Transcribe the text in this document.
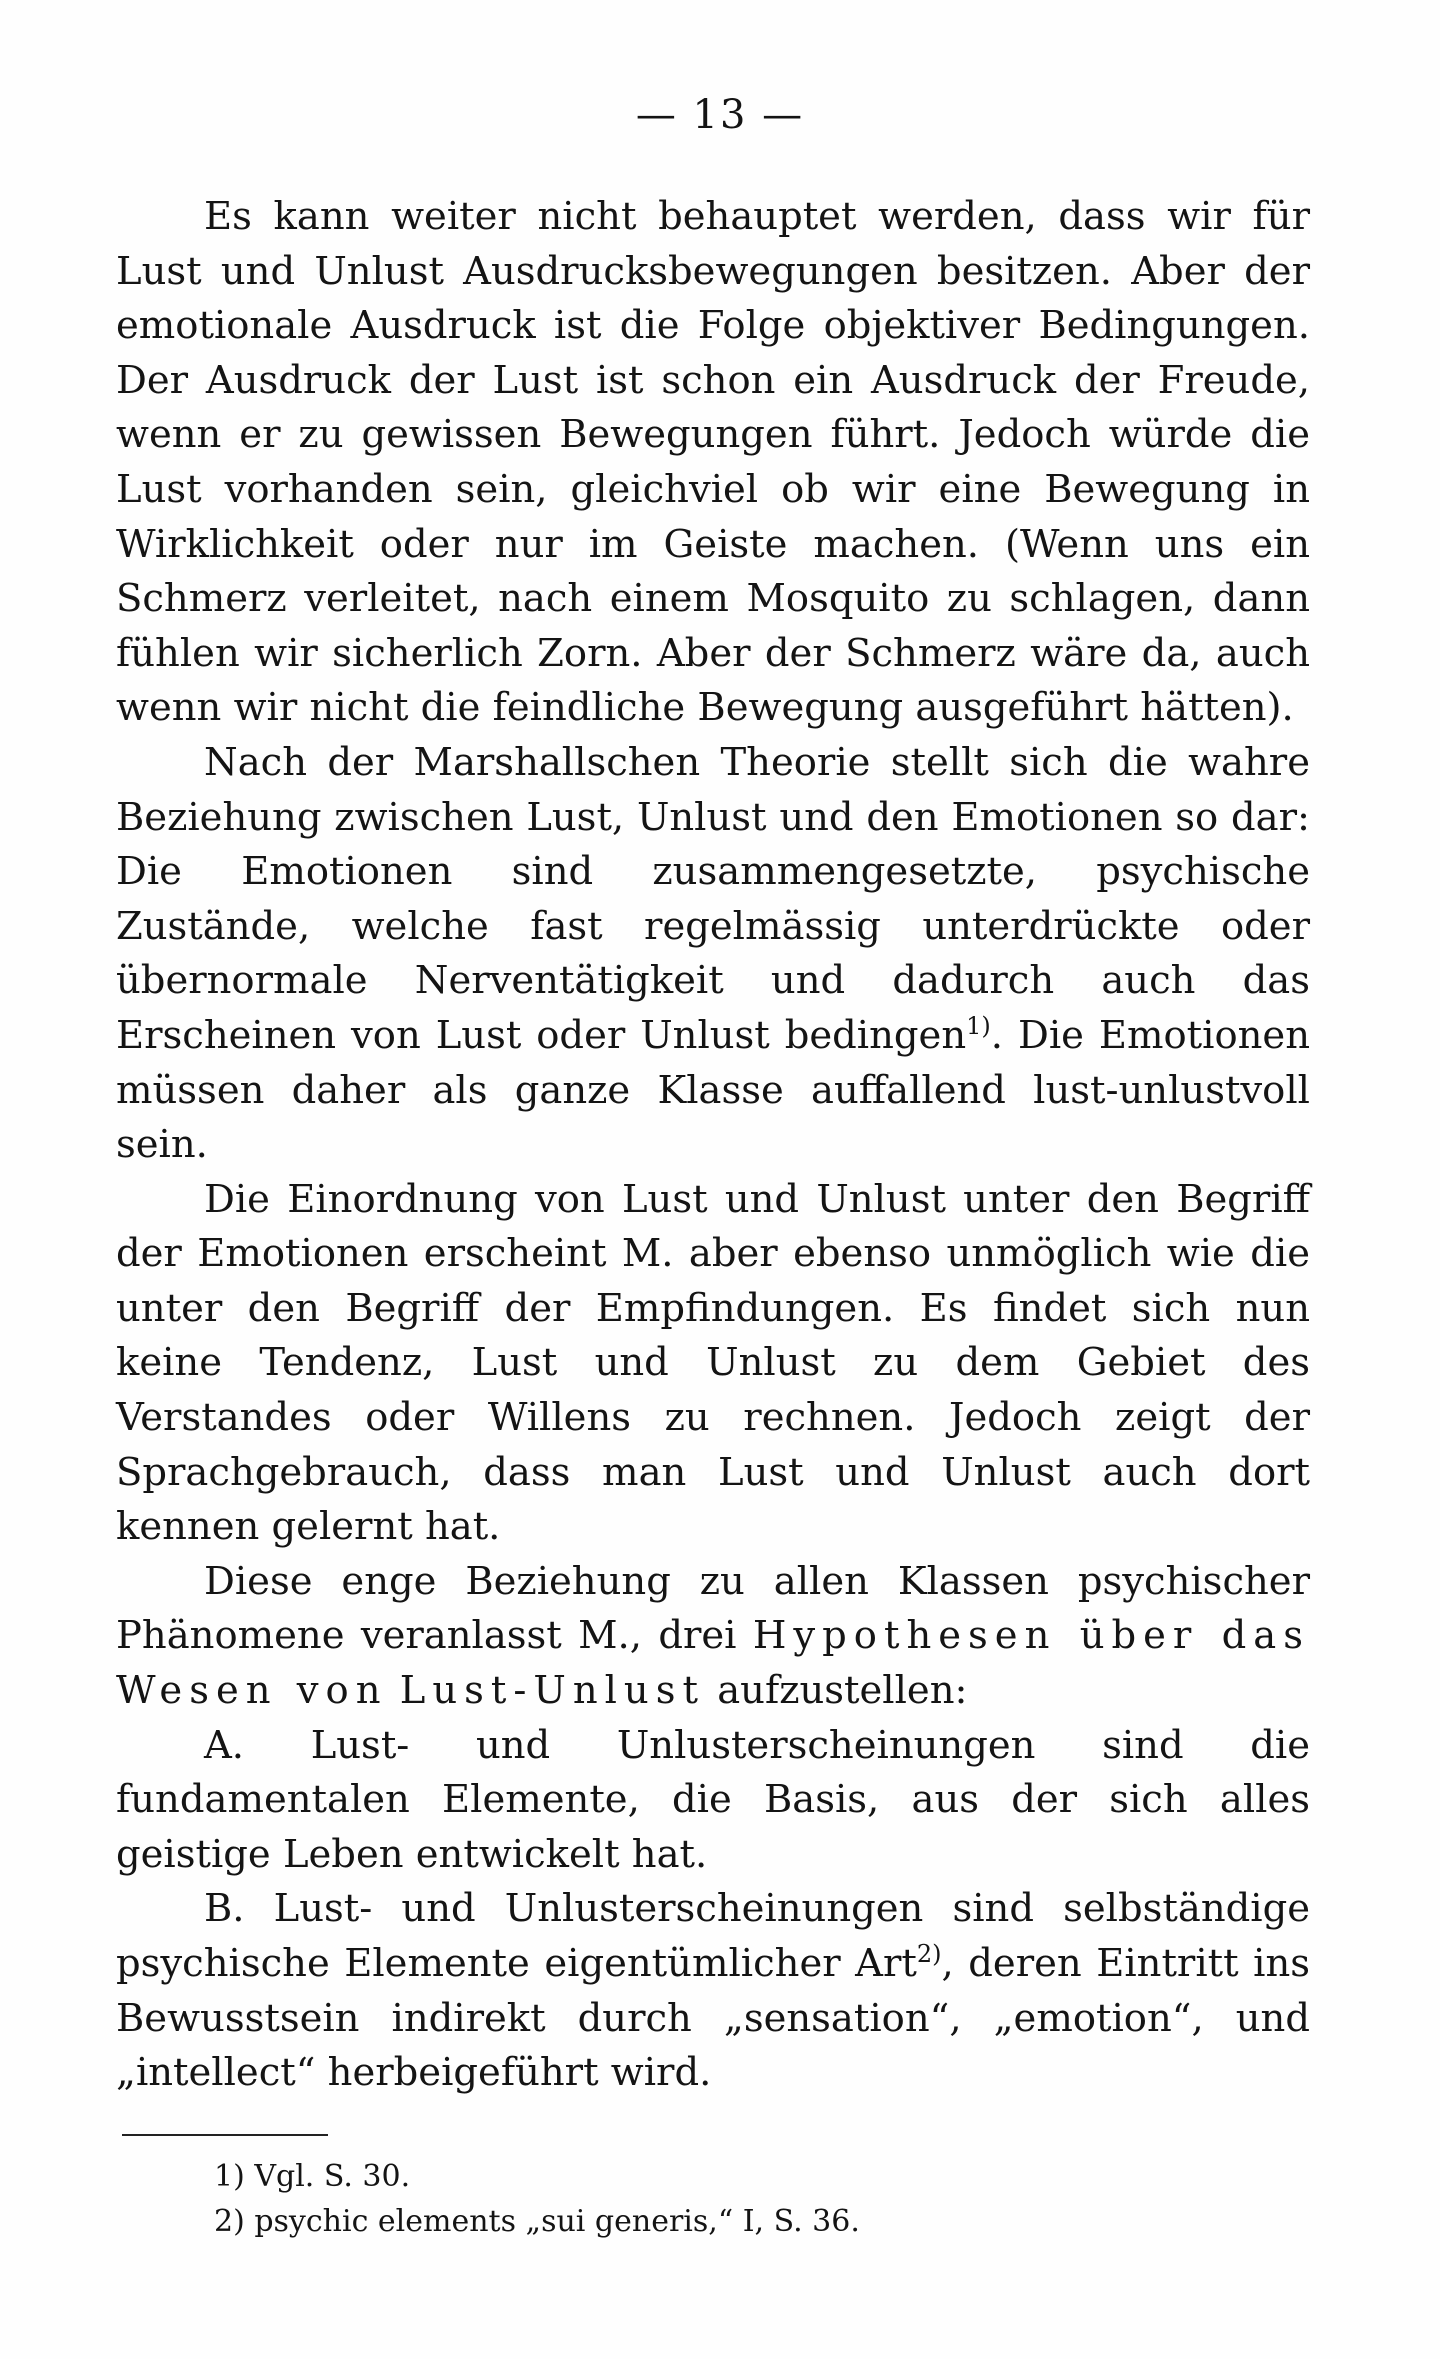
— 13 —

Es kann weiter nicht behauptet werden, dass wir für Lust und Unlust Ausdrucksbewegungen besitzen. Aber der emotionale Ausdruck ist die Folge objektiver Bedingungen. Der Ausdruck der Lust ist schon ein Ausdruck der Freude, wenn er zu gewissen Bewegungen führt. Jedoch würde die Lust vorhanden sein, gleichviel ob wir eine Bewegung in Wirklichkeit oder nur im Geiste machen. (Wenn uns ein Schmerz verleitet, nach einem Mosquito zu schlagen, dann fühlen wir sicherlich Zorn. Aber der Schmerz wäre da, auch wenn wir nicht die feindliche Bewegung ausgeführt hätten).

Nach der Marshallschen Theorie stellt sich die wahre Beziehung zwischen Lust, Unlust und den Emotionen so dar: Die Emotionen sind zusammengesetzte, psychische Zustände, welche fast regelmässig unterdrückte oder übernormale Nerventätigkeit und dadurch auch das Erscheinen von Lust oder Unlust bedingen$^{1)}$. Die Emotionen müssen daher als ganze Klasse auffallend lust-unlustvoll sein.

Die Einordnung von Lust und Unlust unter den Begriff der Emotionen erscheint M. aber ebenso unmöglich wie die unter den Begriff der Empfindungen. Es findet sich nun keine Tendenz, Lust und Unlust zu dem Gebiet des Verstandes oder Willens zu rechnen. Jedoch zeigt der Sprachgebrauch, dass man Lust und Unlust auch dort kennen gelernt hat.

Diese enge Beziehung zu allen Klassen psychischer Phänomene veranlasst M., drei Hypothesen über das Wesen von Lust-Unlust aufzustellen:

A. Lust- und Unlusterscheinungen sind die fundamentalen Elemente, die Basis, aus der sich alles geistige Leben entwickelt hat.

B. Lust- und Unlusterscheinungen sind selbständige psychische Elemente eigentümlicher Art$^{2)}$, deren Eintritt ins Bewusstsein indirekt durch „sensation“, „emotion“, und „intellect“ herbeigeführt wird.

1) Vgl. S. 30.
2) psychic elements „sui generis,“ I, S. 36.
